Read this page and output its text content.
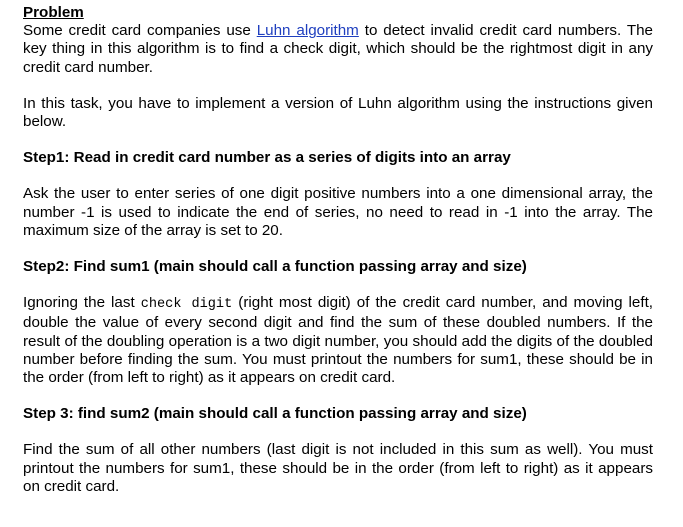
Problem

Some credit card companies use Luhn algorithm to detect invalid credit card numbers. The key thing in this algorithm is to find a check digit, which should be the rightmost digit in any credit card number.

In this task, you have to implement a version of Luhn algorithm using the instructions given below.

Step1: Read in credit card number as a series of digits into an array

Ask the user to enter series of one digit positive numbers into a one dimensional array, the number -1 is used to indicate the end of series, no need to read in -1 into the array. The maximum size of the array is set to 20.

Step2: Find sum1 (main should call a function passing array and size)

Ignoring the last check digit (right most digit) of the credit card number, and moving left, double the value of every second digit and find the sum of these doubled numbers. If the result of the doubling operation is a two digit number, you should add the digits of the doubled number before finding the sum. You must printout the numbers for sum1, these should be in the order (from left to right) as it appears on credit card.

Step 3: find sum2 (main should call a function passing array and size)

Find the sum of all other numbers (last digit is not included in this sum as well). You must printout the numbers for sum1, these should be in the order (from left to right) as it appears on credit card.
